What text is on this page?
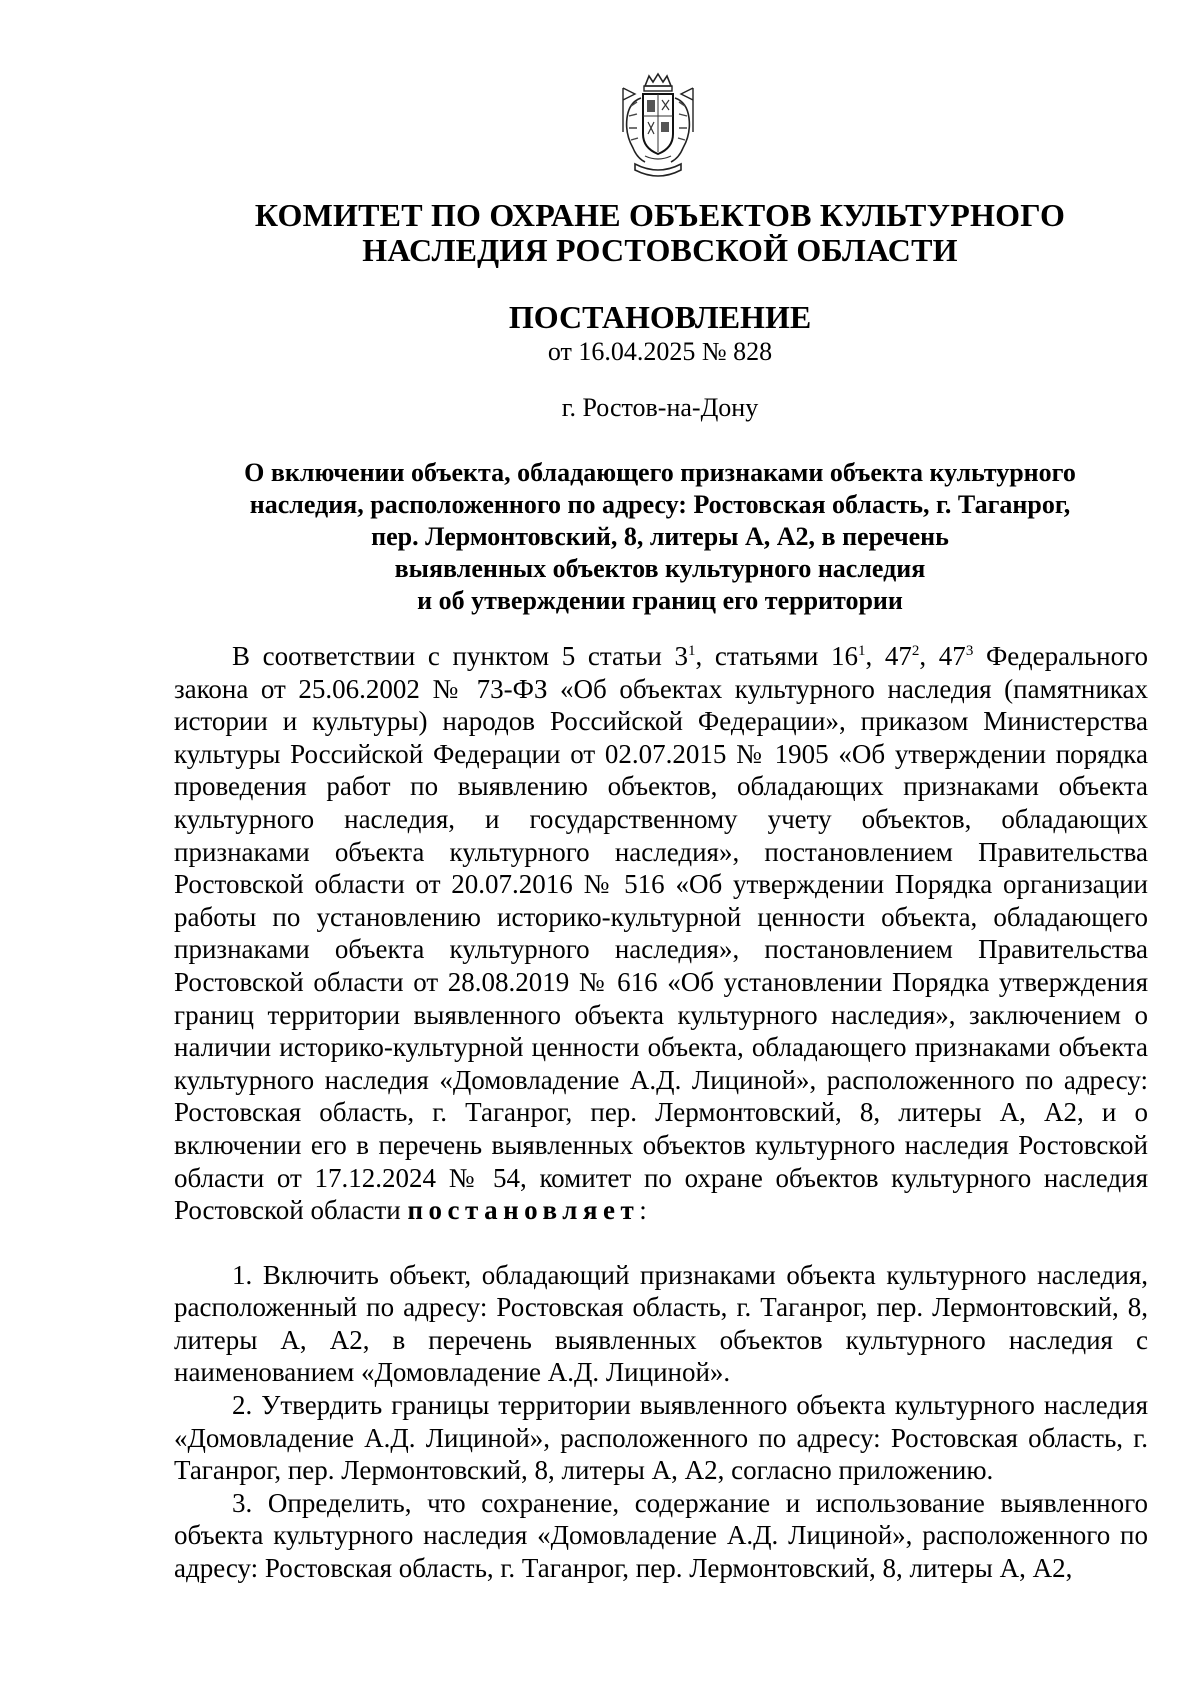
КОМИТЕТ ПО ОХРАНЕ ОБЪЕКТОВ КУЛЬТУРНОГО
НАСЛЕДИЯ РОСТОВСКОЙ ОБЛАСТИ
ПОСТАНОВЛЕНИЕ
от 16.04.2025 № 828
г. Ростов-на-Дону
О включении объекта, обладающего признаками объекта культурного
наследия, расположенного по адресу: Ростовская область, г. Таганрог,
пер. Лермонтовский, 8, литеры А, А2, в перечень
выявленных объектов культурного наследия
и об утверждении границ его территории

В соответствии с пунктом 5 статьи $3^1$, статьями $16^1$, $47^2$, $47^3$ Федерального закона от 25.06.2002 № 73-ФЗ «Об объектах культурного наследия (памятниках истории и культуры) народов Российской Федерации», приказом Министерства культуры Российской Федерации от 02.07.2015 № 1905 «Об утверждении порядка проведения работ по выявлению объектов, обладающих признаками объекта культурного наследия, и государственному учету объектов, обладающих признаками объекта культурного наследия», постановлением Правительства Ростовской области от 20.07.2016 № 516 «Об утверждении Порядка организации работы по установлению историко-культурной ценности объекта, обладающего признаками объекта культурного наследия», постановлением Правительства Ростовской области от 28.08.2019 № 616 «Об установлении Порядка утверждения границ территории выявленного объекта культурного наследия», заключением о наличии историко-культурной ценности объекта, обладающего признаками объекта культурного наследия «Домовладение А.Д. Лициной», расположенного по адресу: Ростовская область, г. Таганрог, пер. Лермонтовский, 8, литеры А, А2, и о включении его в перечень выявленных объектов культурного наследия Ростовской области от 17.12.2024 № 54, комитет по охране объектов культурного наследия Ростовской области постановляет:

1. Включить объект, обладающий признаками объекта культурного наследия, расположенный по адресу: Ростовская область, г. Таганрог, пер. Лермонтовский, 8, литеры А, А2, в перечень выявленных объектов культурного наследия с наименованием «Домовладение А.Д. Лициной».

2. Утвердить границы территории выявленного объекта культурного наследия «Домовладение А.Д. Лициной», расположенного по адресу: Ростовская область, г. Таганрог, пер. Лермонтовский, 8, литеры А, А2, согласно приложению.

3. Определить, что сохранение, содержание и использование выявленного объекта культурного наследия «Домовладение А.Д. Лициной», расположенного по адресу: Ростовская область, г. Таганрог, пер. Лермонтовский, 8, литеры А, А2,
